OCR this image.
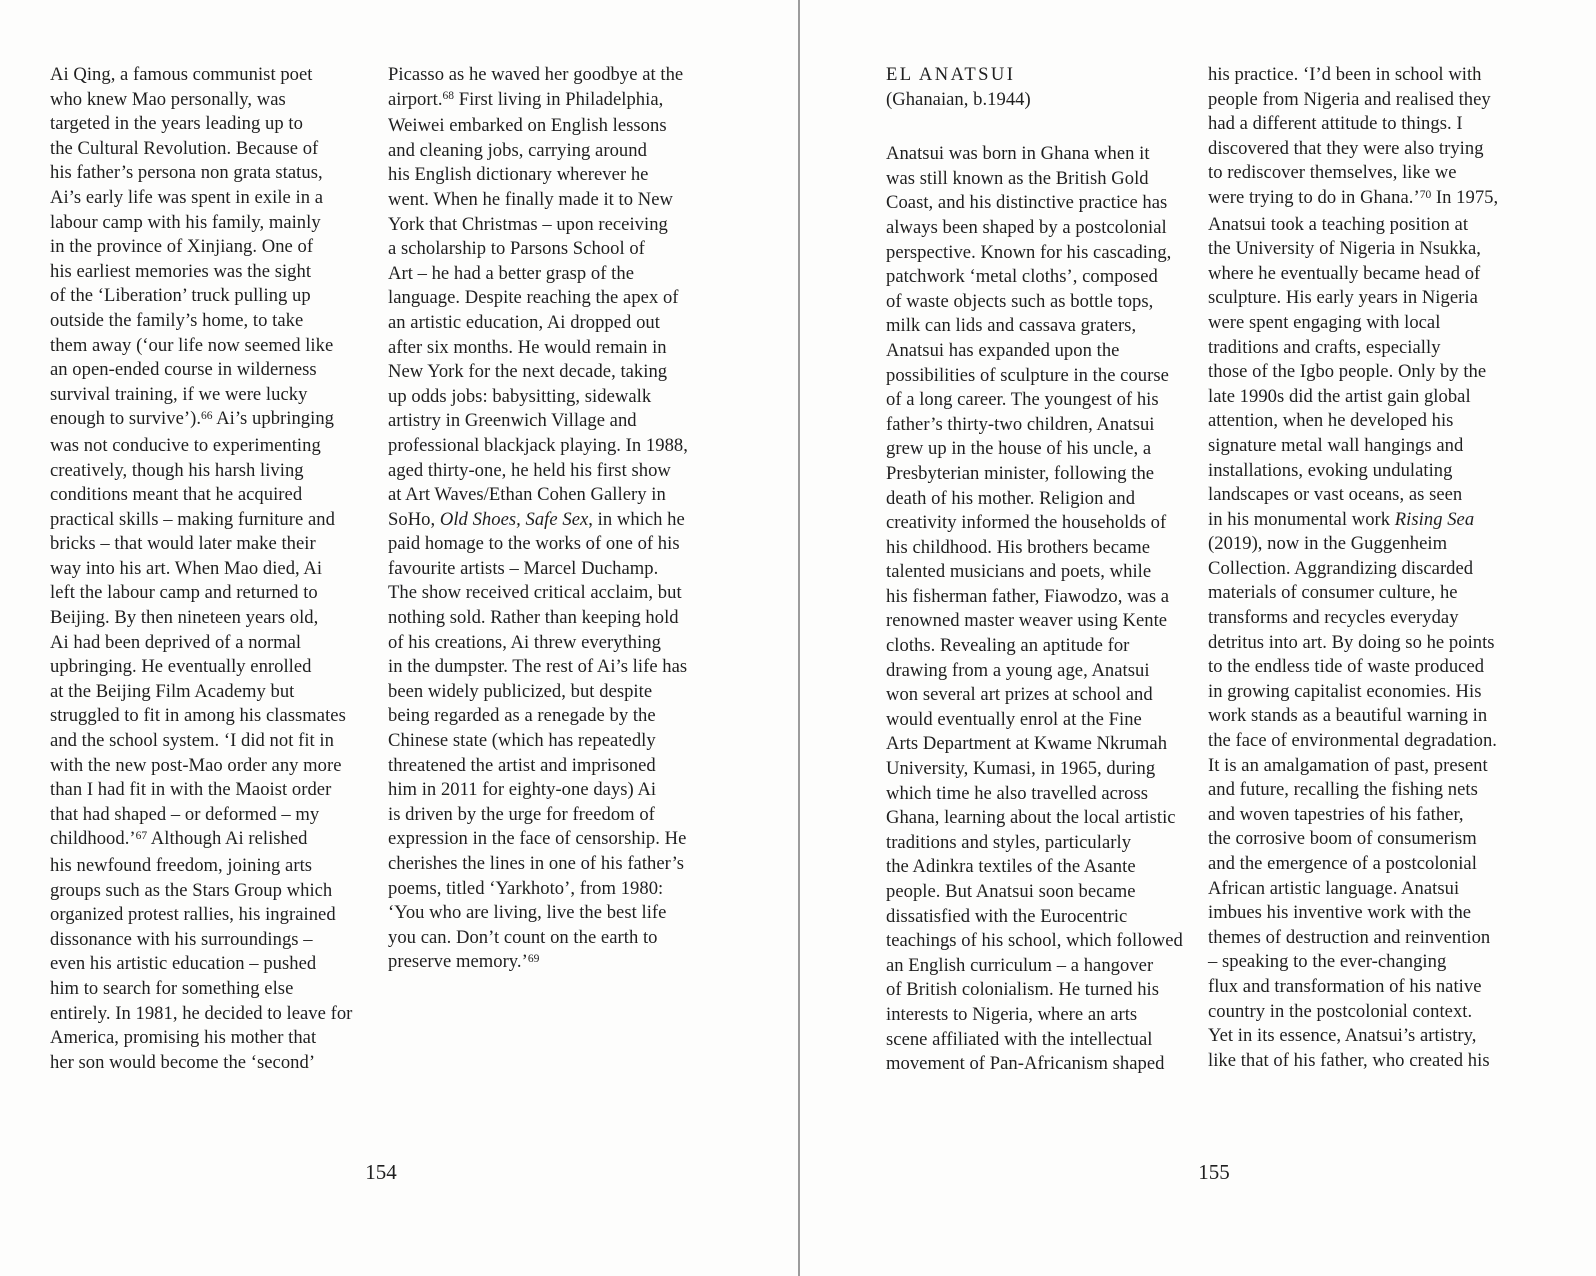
Ai Qing, a famous communist poet
who knew Mao personally, was
targeted in the years leading up to
the Cultural Revolution. Because of
his father’s persona non grata status,
Ai’s early life was spent in exile in a
labour camp with his family, mainly
in the province of Xinjiang. One of
his earliest memories was the sight
of the ‘Liberation’ truck pulling up
outside the family’s home, to take
them away (‘our life now seemed like
an open-ended course in wilderness
survival training, if we were lucky
enough to survive’).$^{66}$ Ai’s upbringing
was not conducive to experimenting
creatively, though his harsh living
conditions meant that he acquired
practical skills – making furniture and
bricks – that would later make their
way into his art. When Mao died, Ai
left the labour camp and returned to
Beijing. By then nineteen years old,
Ai had been deprived of a normal
upbringing. He eventually enrolled
at the Beijing Film Academy but
struggled to fit in among his classmates
and the school system. ‘I did not fit in
with the new post-Mao order any more
than I had fit in with the Maoist order
that had shaped – or deformed – my
childhood.’$^{67}$ Although Ai relished
his newfound freedom, joining arts
groups such as the Stars Group which
organized protest rallies, his ingrained
dissonance with his surroundings –
even his artistic education – pushed
him to search for something else
entirely. In 1981, he decided to leave for
America, promising his mother that
her son would become the ‘second’
Picasso as he waved her goodbye at the
airport.$^{68}$ First living in Philadelphia,
Weiwei embarked on English lessons
and cleaning jobs, carrying around
his English dictionary wherever he
went. When he finally made it to New
York that Christmas – upon receiving
a scholarship to Parsons School of
Art – he had a better grasp of the
language. Despite reaching the apex of
an artistic education, Ai dropped out
after six months. He would remain in
New York for the next decade, taking
up odds jobs: babysitting, sidewalk
artistry in Greenwich Village and
professional blackjack playing. In 1988,
aged thirty-one, he held his first show
at Art Waves/Ethan Cohen Gallery in
SoHo, Old Shoes, Safe Sex, in which he
paid homage to the works of one of his
favourite artists – Marcel Duchamp.
The show received critical acclaim, but
nothing sold. Rather than keeping hold
of his creations, Ai threw everything
in the dumpster. The rest of Ai’s life has
been widely publicized, but despite
being regarded as a renegade by the
Chinese state (which has repeatedly
threatened the artist and imprisoned
him in 2011 for eighty-one days) Ai
is driven by the urge for freedom of
expression in the face of censorship. He
cherishes the lines in one of his father’s
poems, titled ‘Yarkhoto’, from 1980:
‘You who are living, live the best life
you can. Don’t count on the earth to
preserve memory.’$^{69}$
154
EL ANATSUI
(Ghanaian, b.1944)
Anatsui was born in Ghana when it
was still known as the British Gold
Coast, and his distinctive practice has
always been shaped by a postcolonial
perspective. Known for his cascading,
patchwork ‘metal cloths’, composed
of waste objects such as bottle tops,
milk can lids and cassava graters,
Anatsui has expanded upon the
possibilities of sculpture in the course
of a long career. The youngest of his
father’s thirty-two children, Anatsui
grew up in the house of his uncle, a
Presbyterian minister, following the
death of his mother. Religion and
creativity informed the households of
his childhood. His brothers became
talented musicians and poets, while
his fisherman father, Fiawodzo, was a
renowned master weaver using Kente
cloths. Revealing an aptitude for
drawing from a young age, Anatsui
won several art prizes at school and
would eventually enrol at the Fine
Arts Department at Kwame Nkrumah
University, Kumasi, in 1965, during
which time he also travelled across
Ghana, learning about the local artistic
traditions and styles, particularly
the Adinkra textiles of the Asante
people. But Anatsui soon became
dissatisfied with the Eurocentric
teachings of his school, which followed
an English curriculum – a hangover
of British colonialism. He turned his
interests to Nigeria, where an arts
scene affiliated with the intellectual
movement of Pan-Africanism shaped
his practice. ‘I’d been in school with
people from Nigeria and realised they
had a different attitude to things. I
discovered that they were also trying
to rediscover themselves, like we
were trying to do in Ghana.’$^{70}$ In 1975,
Anatsui took a teaching position at
the University of Nigeria in Nsukka,
where he eventually became head of
sculpture. His early years in Nigeria
were spent engaging with local
traditions and crafts, especially
those of the Igbo people. Only by the
late 1990s did the artist gain global
attention, when he developed his
signature metal wall hangings and
installations, evoking undulating
landscapes or vast oceans, as seen
in his monumental work Rising Sea
(2019), now in the Guggenheim
Collection. Aggrandizing discarded
materials of consumer culture, he
transforms and recycles everyday
detritus into art. By doing so he points
to the endless tide of waste produced
in growing capitalist economies. His
work stands as a beautiful warning in
the face of environmental degradation.
It is an amalgamation of past, present
and future, recalling the fishing nets
and woven tapestries of his father,
the corrosive boom of consumerism
and the emergence of a postcolonial
African artistic language. Anatsui
imbues his inventive work with the
themes of destruction and reinvention
– speaking to the ever-changing
flux and transformation of his native
country in the postcolonial context.
Yet in its essence, Anatsui’s artistry,
like that of his father, who created his
155
